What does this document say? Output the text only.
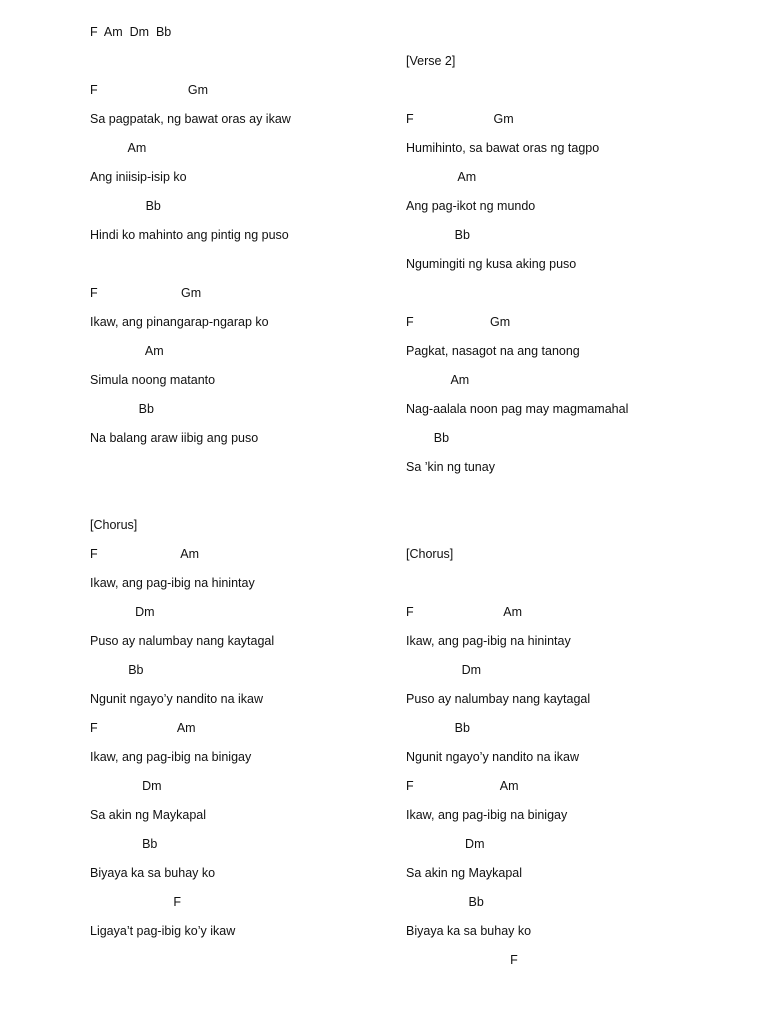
F  Am  Dm  Bb
F                          Gm
Sa pagpatak, ng bawat oras ay ikaw
Am
Ang iniisip-isip ko
Bb
Hindi ko mahinto ang pintig ng puso
F                        Gm
Ikaw, ang pinangarap-ngarap ko
Am
Simula noong matanto
Bb
Na balang araw iibig ang puso
[Chorus]
F                        Am
Ikaw, ang pag-ibig na hinintay
Dm
Puso ay nalumbay nang kaytagal
Bb
Ngunit ngayo’y nandito na ikaw
F                       Am
Ikaw, ang pag-ibig na binigay
Dm
Sa akin ng Maykapal
Bb
Biyaya ka sa buhay ko
F
Ligaya’t pag-ibig ko’y ikaw
[Verse 2]
F                       Gm
Humihinto, sa bawat oras ng tagpo
Am
Ang pag-ikot ng mundo
Bb
Ngumingiti ng kusa aking puso
F                      Gm
Pagkat, nasagot na ang tanong
Am
Nag-aalala noon pag may magmamahal
Bb
Sa ’kin ng tunay
[Chorus]
F                          Am
Ikaw, ang pag-ibig na hinintay
Dm
Puso ay nalumbay nang kaytagal
Bb
Ngunit ngayo’y nandito na ikaw
F                         Am
Ikaw, ang pag-ibig na binigay
Dm
Sa akin ng Maykapal
Bb
Biyaya ka sa buhay ko
F
